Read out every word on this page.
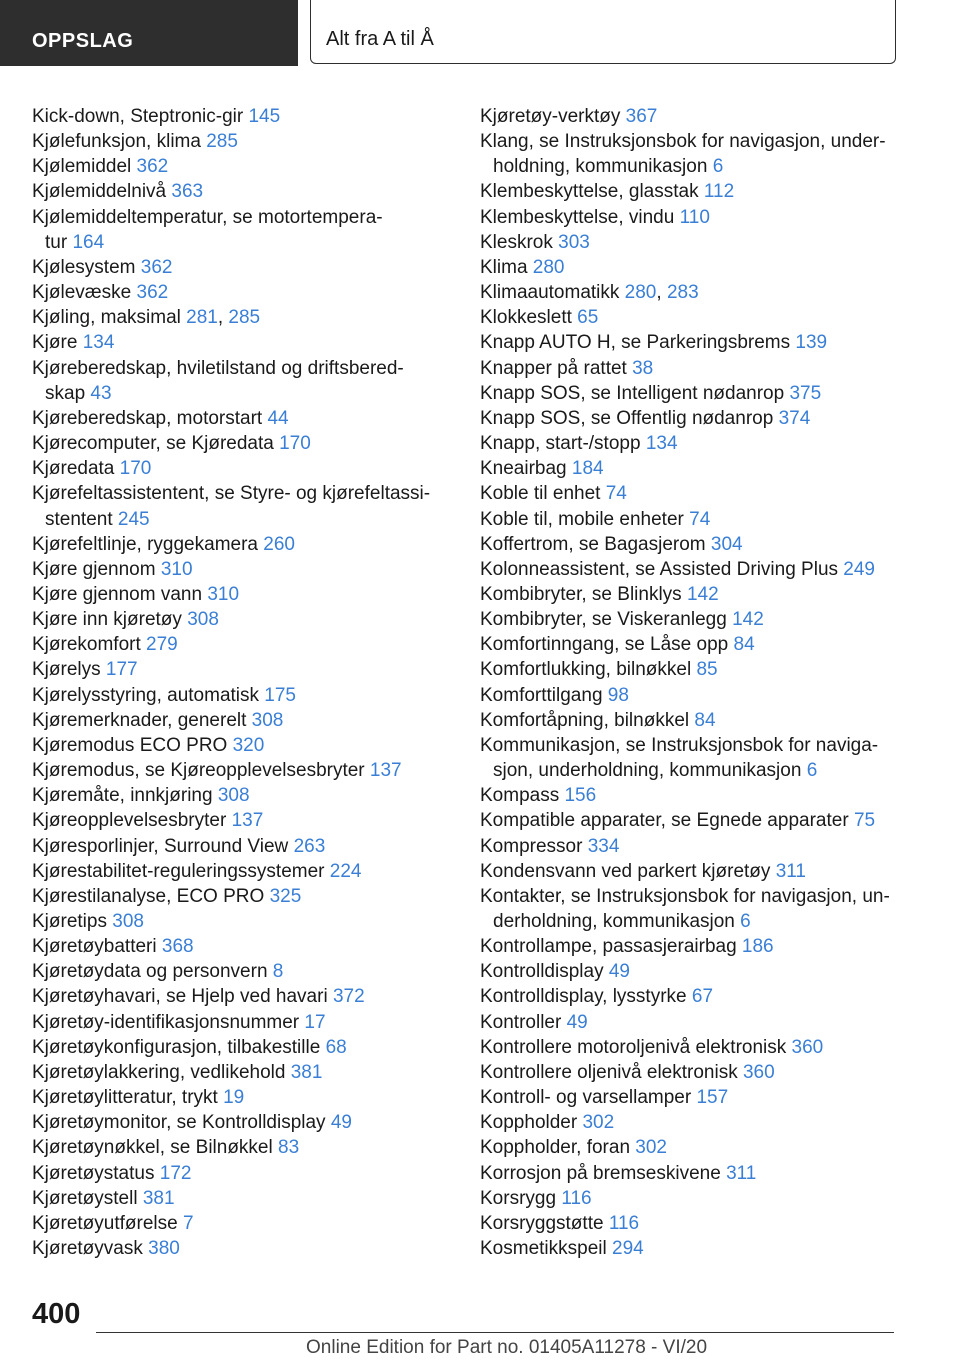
OPPSLAG	Alt fra A til Å
Kick-down, Steptronic-gir 145
Kjølefunksjon, klima 285
Kjølemiddel 362
Kjølemiddelnivå 363
Kjølemiddeltemperatur, se motortempera-
tur 164
Kjølesystem 362
Kjølevæske 362
Kjøling, maksimal 281, 285
Kjøre 134
Kjøreberedskap, hviletilstand og driftsbered-
skap 43
Kjøreberedskap, motorstart 44
Kjørecomputer, se Kjøredata 170
Kjøredata 170
Kjørefeltassistentent, se Styre- og kjørefeltassi-
stentent 245
Kjørefeltlinje, ryggekamera 260
Kjøre gjennom 310
Kjøre gjennom vann 310
Kjøre inn kjøretøy 308
Kjørekomfort 279
Kjørelys 177
Kjørelysstyring, automatisk 175
Kjøremerknader, generelt 308
Kjøremodus ECO PRO 320
Kjøremodus, se Kjøreopplevelsesbryter 137
Kjøremåte, innkjøring 308
Kjøreopplevelsesbryter 137
Kjøresporlinjer, Surround View 263
Kjørestabilitet-reguleringssystemer 224
Kjørestilanalyse, ECO PRO 325
Kjøretips 308
Kjøretøybatteri 368
Kjøretøydata og personvern 8
Kjøretøyhavari, se Hjelp ved havari 372
Kjøretøy-identifikasjonsnummer 17
Kjøretøykonfigurasjon, tilbakestille 68
Kjøretøylakkering, vedlikehold 381
Kjøretøylitteratur, trykt 19
Kjøretøymonitor, se Kontrolldisplay 49
Kjøretøynøkkel, se Bilnøkkel 83
Kjøretøystatus 172
Kjøretøystell 381
Kjøretøyutførelse 7
Kjøretøyvask 380
Kjøretøy-verktøy 367
Klang, se Instruksjonsbok for navigasjon, under-
holdning, kommunikasjon 6
Klembeskyttelse, glasstak 112
Klembeskyttelse, vindu 110
Kleskrok 303
Klima 280
Klimaautomatikk 280, 283
Klokkeslett 65
Knapp AUTO H, se Parkeringsbrems 139
Knapper på rattet 38
Knapp SOS, se Intelligent nødanrop 375
Knapp SOS, se Offentlig nødanrop 374
Knapp, start-/stopp 134
Kneairbag 184
Koble til enhet 74
Koble til, mobile enheter 74
Koffertrom, se Bagasjerom 304
Kolonneassistent, se Assisted Driving Plus 249
Kombibryter, se Blinklys 142
Kombibryter, se Viskeranlegg 142
Komfortinngang, se Låse opp 84
Komfortlukking, bilnøkkel 85
Komforttilgang 98
Komfortåpning, bilnøkkel 84
Kommunikasjon, se Instruksjonsbok for naviga-
sjon, underholdning, kommunikasjon 6
Kompass 156
Kompatible apparater, se Egnede apparater 75
Kompressor 334
Kondensvann ved parkert kjøretøy 311
Kontakter, se Instruksjonsbok for navigasjon, un-
derholdning, kommunikasjon 6
Kontrollampe, passasjerairbag 186
Kontrolldisplay 49
Kontrolldisplay, lysstyrke 67
Kontroller 49
Kontrollere motoroljenivå elektronisk 360
Kontrollere oljenivå elektronisk 360
Kontroll- og varsellamper 157
Koppholder 302
Koppholder, foran 302
Korrosjon på bremseskivene 311
Korsrygg 116
Korsryggstøtte 116
Kosmetikkspeil 294
400
Online Edition for Part no. 01405A11278 - VI/20
